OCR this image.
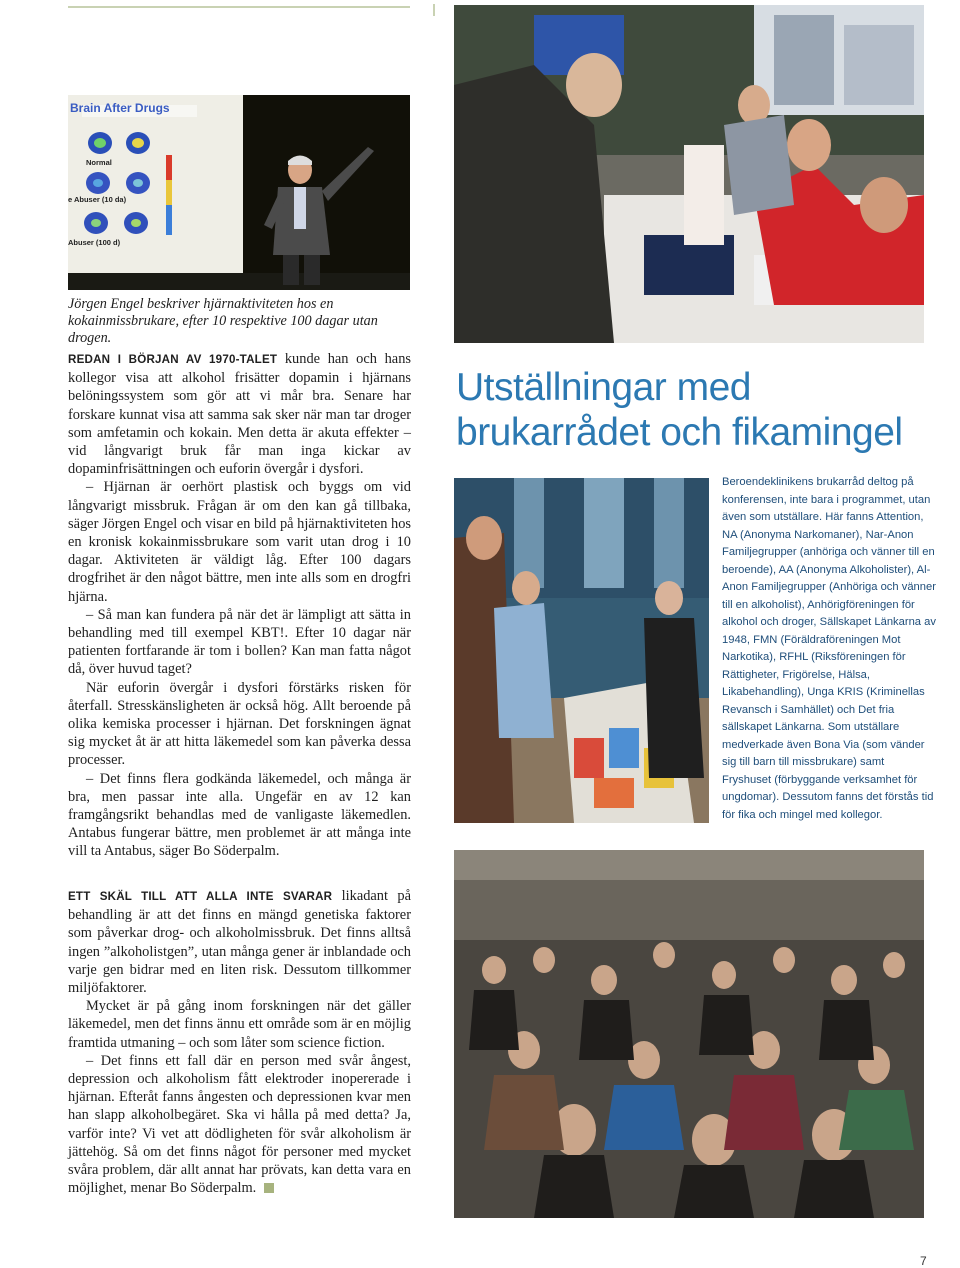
Brain After Drugs
Normal
e Abuser (10 da)
Abuser (100 d)
Jörgen Engel beskriver hjärnaktiviteten hos en kokainmissbrukare, efter 10 respektive 100 dagar utan drogen.

REDAN I BÖRJAN AV 1970-TALET kunde han och hans kollegor visa att alkohol frisätter dopamin i hjärnans belöningssystem som gör att vi mår bra. Senare har forskare kunnat visa att samma sak sker när man tar droger som amfetamin och kokain. Men detta är akuta effekter – vid långvarigt bruk får man inga kickar av dopaminfrisättningen och euforin övergår i dysfori.

– Hjärnan är oerhört plastisk och byggs om vid långvarigt missbruk. Frågan är om den kan gå tillbaka, säger Jörgen Engel och visar en bild på hjärnaktiviteten hos en kronisk kokainmissbrukare som varit utan drog i 10 dagar. Aktiviteten är väldigt låg. Efter 100 dagars drogfrihet är den något bättre, men inte alls som en drogfri hjärna.

– Så man kan fundera på när det är lämpligt att sätta in behandling med till exempel KBT!. Efter 10 dagar när patienten fortfarande är tom i bollen? Kan man fatta något då, över huvud taget?

När euforin övergår i dysfori förstärks risken för återfall. Stresskänsligheten är också hög. Allt beroende på olika kemiska processer i hjärnan. Det forskningen ägnat sig mycket åt är att hitta läkemedel som kan påverka dessa processer.

– Det finns flera godkända läkemedel, och många är bra, men passar inte alla. Ungefär en av 12 kan framgångsrikt behandlas med de vanligaste läkemedlen. Antabus fungerar bättre, men problemet är att många inte vill ta Antabus, säger Bo Söderpalm.

ETT SKÄL TILL ATT ALLA INTE SVARAR likadant på behandling är att det finns en mängd genetiska faktorer som påverkar drog- och alkoholmissbruk. Det finns alltså ingen ”alkoholistgen”, utan många gener är inblandade och varje gen bidrar med en liten risk. Dessutom tillkommer miljöfaktorer.

Mycket är på gång inom forskningen när det gäller läkemedel, men det finns ännu ett område som är en möjlig framtida utmaning – och som låter som science fiction.

– Det finns ett fall där en person med svår ångest, depression och alkoholism fått elektroder inopererade i hjärnan. Efteråt fanns ångesten och depressionen kvar men han slapp alkoholbegäret. Ska vi hålla på med detta? Ja, varför inte? Vi vet att dödligheten för svår alkoholism är jättehög. Så om det finns något för personer med mycket svåra problem, där allt annat har prövats, kan detta vara en möjlighet, menar Bo Söderpalm.

Utställningar med brukarrådet och fikamingel
Beroendeklinikens brukarråd deltog på konferensen, inte bara i programmet, utan även som utställare. Här fanns Attention, NA (Anonyma Narkomaner), Nar-Anon Familjegrupper (anhöriga och vänner till en beroende), AA (Anonyma Alkoholister), Al-Anon Familjegrupper (Anhöriga och vänner till en alkoholist), Anhörigföreningen för alkohol och droger, Sällskapet Länkarna av 1948, FMN (Föräldraföreningen Mot Narkotika), RFHL (Riksföreningen för Rättigheter, Frigörelse, Hälsa, Likabehandling), Unga KRIS (Kriminellas Revansch i Samhället) och Det fria sällskapet Länkarna. Som utställare medverkade även Bona Via (som vänder sig till barn till missbrukare) samt Fryshuset (förbyggande verksamhet för ungdomar). Dessutom fanns det förstås tid för fika och mingel med kollegor.
7
